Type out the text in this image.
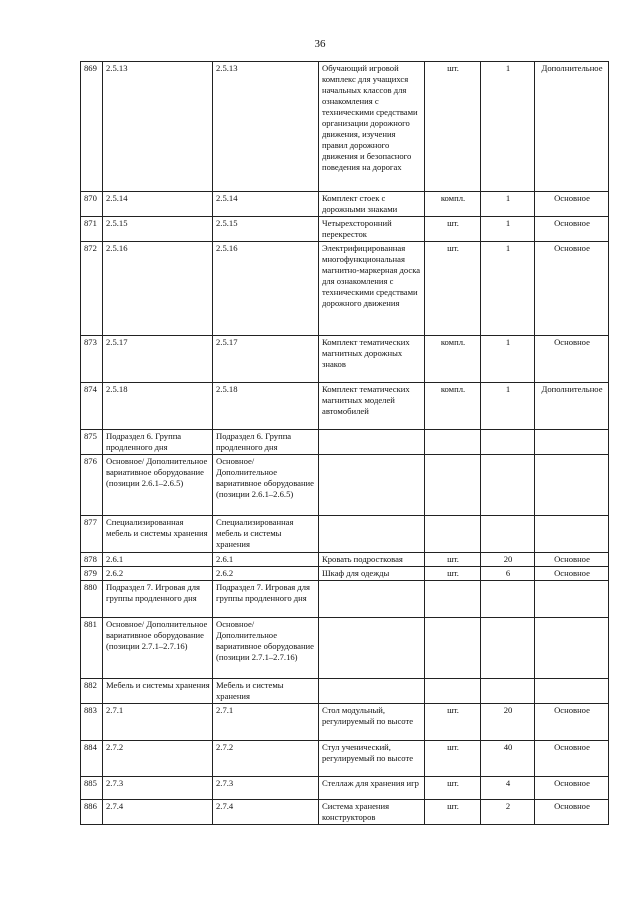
36
869	2.5.13	2.5.13	Обучающий игровой комплекс для учащихся начальных классов для ознакомления с техническими средствами организации дорожного движения, изучения правил дорожного движения и безопасного поведения на дорогах	шт.	1	Дополнительное
870	2.5.14	2.5.14	Комплект стоек с дорожными знаками	компл.	1	Основное
871	2.5.15	2.5.15	Четырехсторонний перекресток	шт.	1	Основное
872	2.5.16	2.5.16	Электрифицированная многофункциональная магнитно-маркерная доска для ознакомления с техническими средствами дорожного движения	шт.	1	Основное
873	2.5.17	2.5.17	Комплект тематических магнитных дорожных знаков	компл.	1	Основное
874	2.5.18	2.5.18	Комплект тематических магнитных моделей автомобилей	компл.	1	Дополнительное
875	Подраздел 6. Группа продленного дня	Подраздел 6. Группа продленного дня				
876	Основное/ Дополнительное вариативное оборудование (позиции 2.6.1–2.6.5)	Основное/ Дополнительное вариативное оборудование (позиции 2.6.1–2.6.5)				
877	Специализированная мебель и системы хранения	Специализированная мебель и системы хранения				
878	2.6.1	2.6.1	Кровать подростковая	шт.	20	Основное
879	2.6.2	2.6.2	Шкаф для одежды	шт.	6	Основное
880	Подраздел 7. Игровая для группы продленного дня	Подраздел 7. Игровая для группы продленного дня				
881	Основное/ Дополнительное вариативное оборудование (позиции 2.7.1–2.7.16)	Основное/ Дополнительное вариативное оборудование (позиции 2.7.1–2.7.16)				
882	Мебель и системы хранения	Мебель и системы хранения				
883	2.7.1	2.7.1	Стол модульный, регулируемый по высоте	шт.	20	Основное
884	2.7.2	2.7.2	Стул ученический, регулируемый по высоте	шт.	40	Основное
885	2.7.3	2.7.3	Стеллаж для хранения игр	шт.	4	Основное
886	2.7.4	2.7.4	Система хранения конструкторов	шт.	2	Основное
